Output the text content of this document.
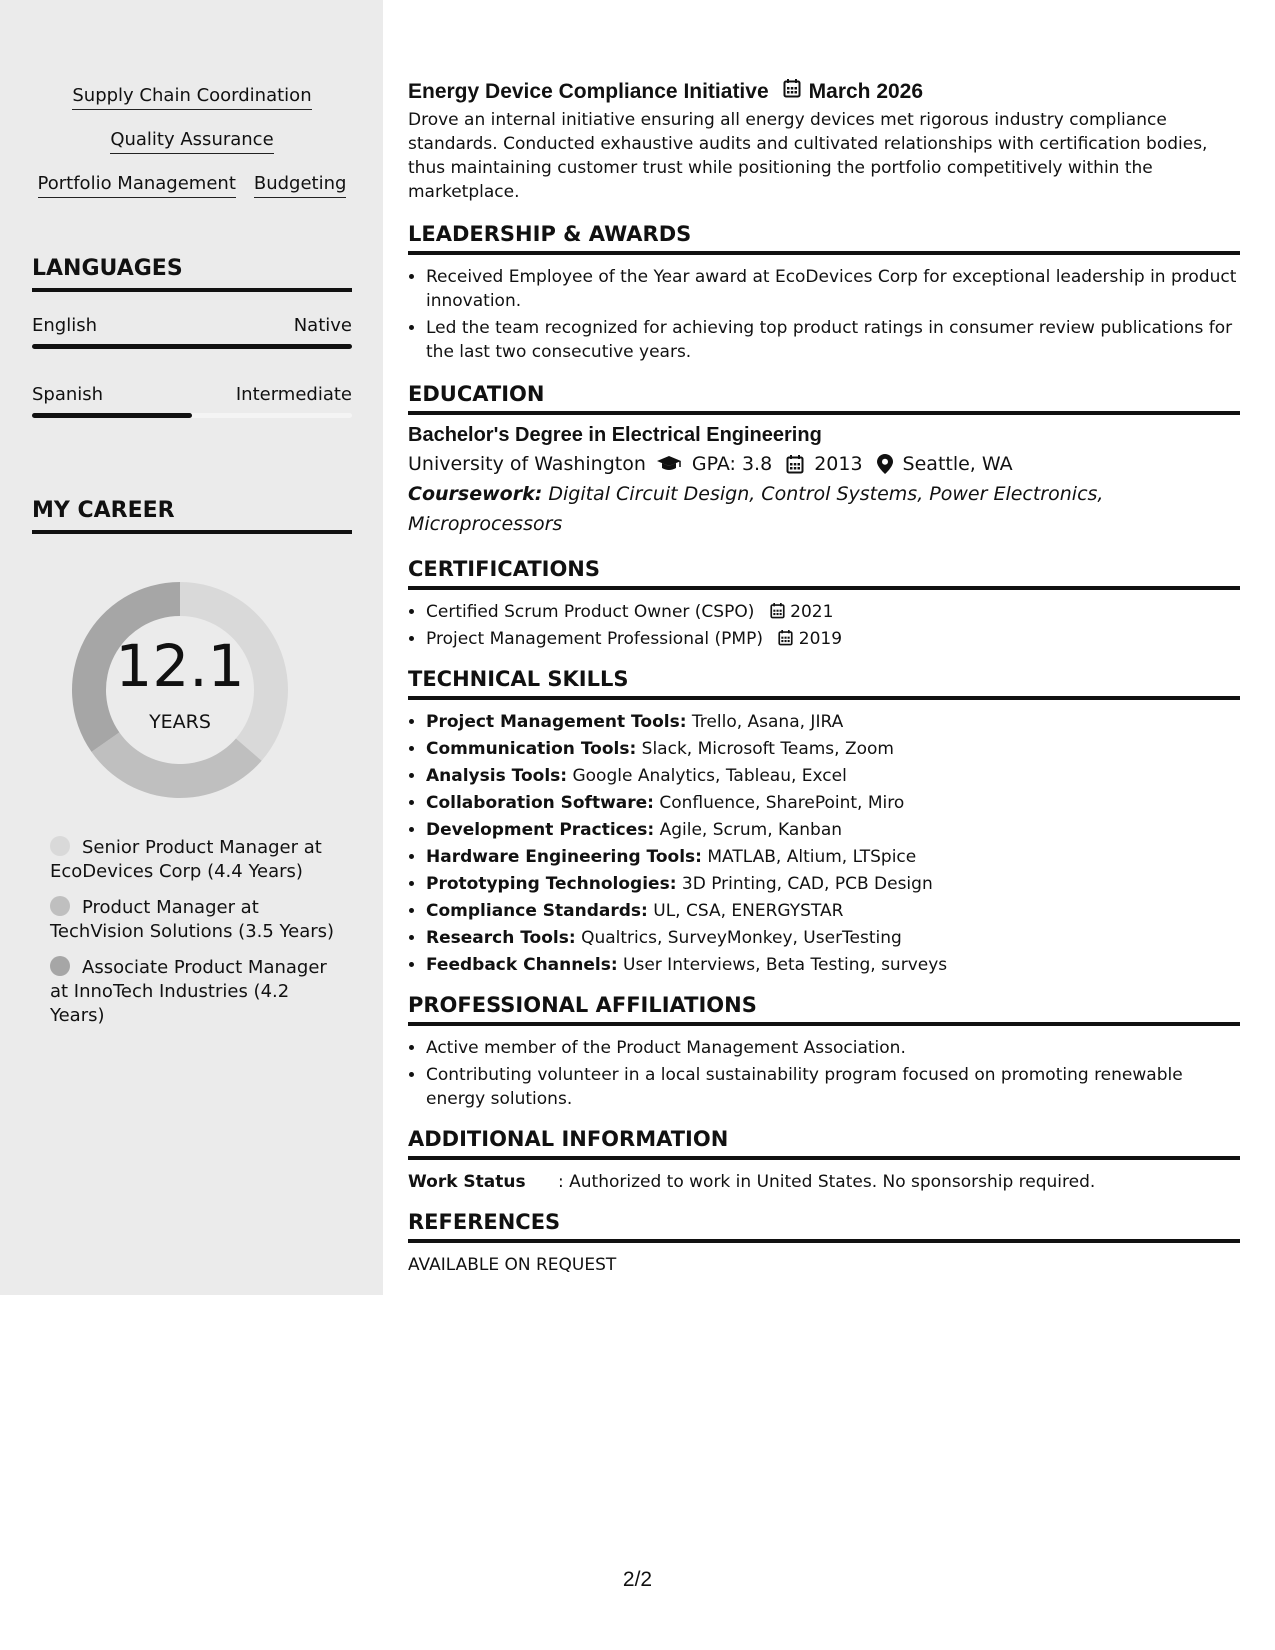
Supply Chain Coordination
Quality Assurance
Portfolio Management Budgeting
LANGUAGES
English	Native
Spanish	Intermediate
MY CAREER
12.1
YEARS
Senior Product Manager at EcoDevices Corp (4.4 Years)
Product Manager at TechVision Solutions (3.5 Years)
Associate Product Manager at InnoTech Industries (4.2 Years)
Energy Device Compliance Initiative March 2026
Drove an internal initiative ensuring all energy devices met rigorous industry compliance standards. Conducted exhaustive audits and cultivated relationships with certification bodies, thus maintaining customer trust while positioning the portfolio competitively within the marketplace.
LEADERSHIP & AWARDS
• Received Employee of the Year award at EcoDevices Corp for exceptional leadership in product innovation.
• Led the team recognized for achieving top product ratings in consumer review publications for the last two consecutive years.
EDUCATION
Bachelor's Degree in Electrical Engineering
University of Washington GPA: 3.8 2013 Seattle, WA
Coursework: Digital Circuit Design, Control Systems, Power Electronics, Microprocessors
CERTIFICATIONS
• Certified Scrum Product Owner (CSPO) 2021
• Project Management Professional (PMP) 2019
TECHNICAL SKILLS
• Project Management Tools: Trello, Asana, JIRA
• Communication Tools: Slack, Microsoft Teams, Zoom
• Analysis Tools: Google Analytics, Tableau, Excel
• Collaboration Software: Confluence, SharePoint, Miro
• Development Practices: Agile, Scrum, Kanban
• Hardware Engineering Tools: MATLAB, Altium, LTSpice
• Prototyping Technologies: 3D Printing, CAD, PCB Design
• Compliance Standards: UL, CSA, ENERGYSTAR
• Research Tools: Qualtrics, SurveyMonkey, UserTesting
• Feedback Channels: User Interviews, Beta Testing, surveys
PROFESSIONAL AFFILIATIONS
• Active member of the Product Management Association.
• Contributing volunteer in a local sustainability program focused on promoting renewable energy solutions.
ADDITIONAL INFORMATION
Work Status	: Authorized to work in United States. No sponsorship required.
REFERENCES
AVAILABLE ON REQUEST
2/2
